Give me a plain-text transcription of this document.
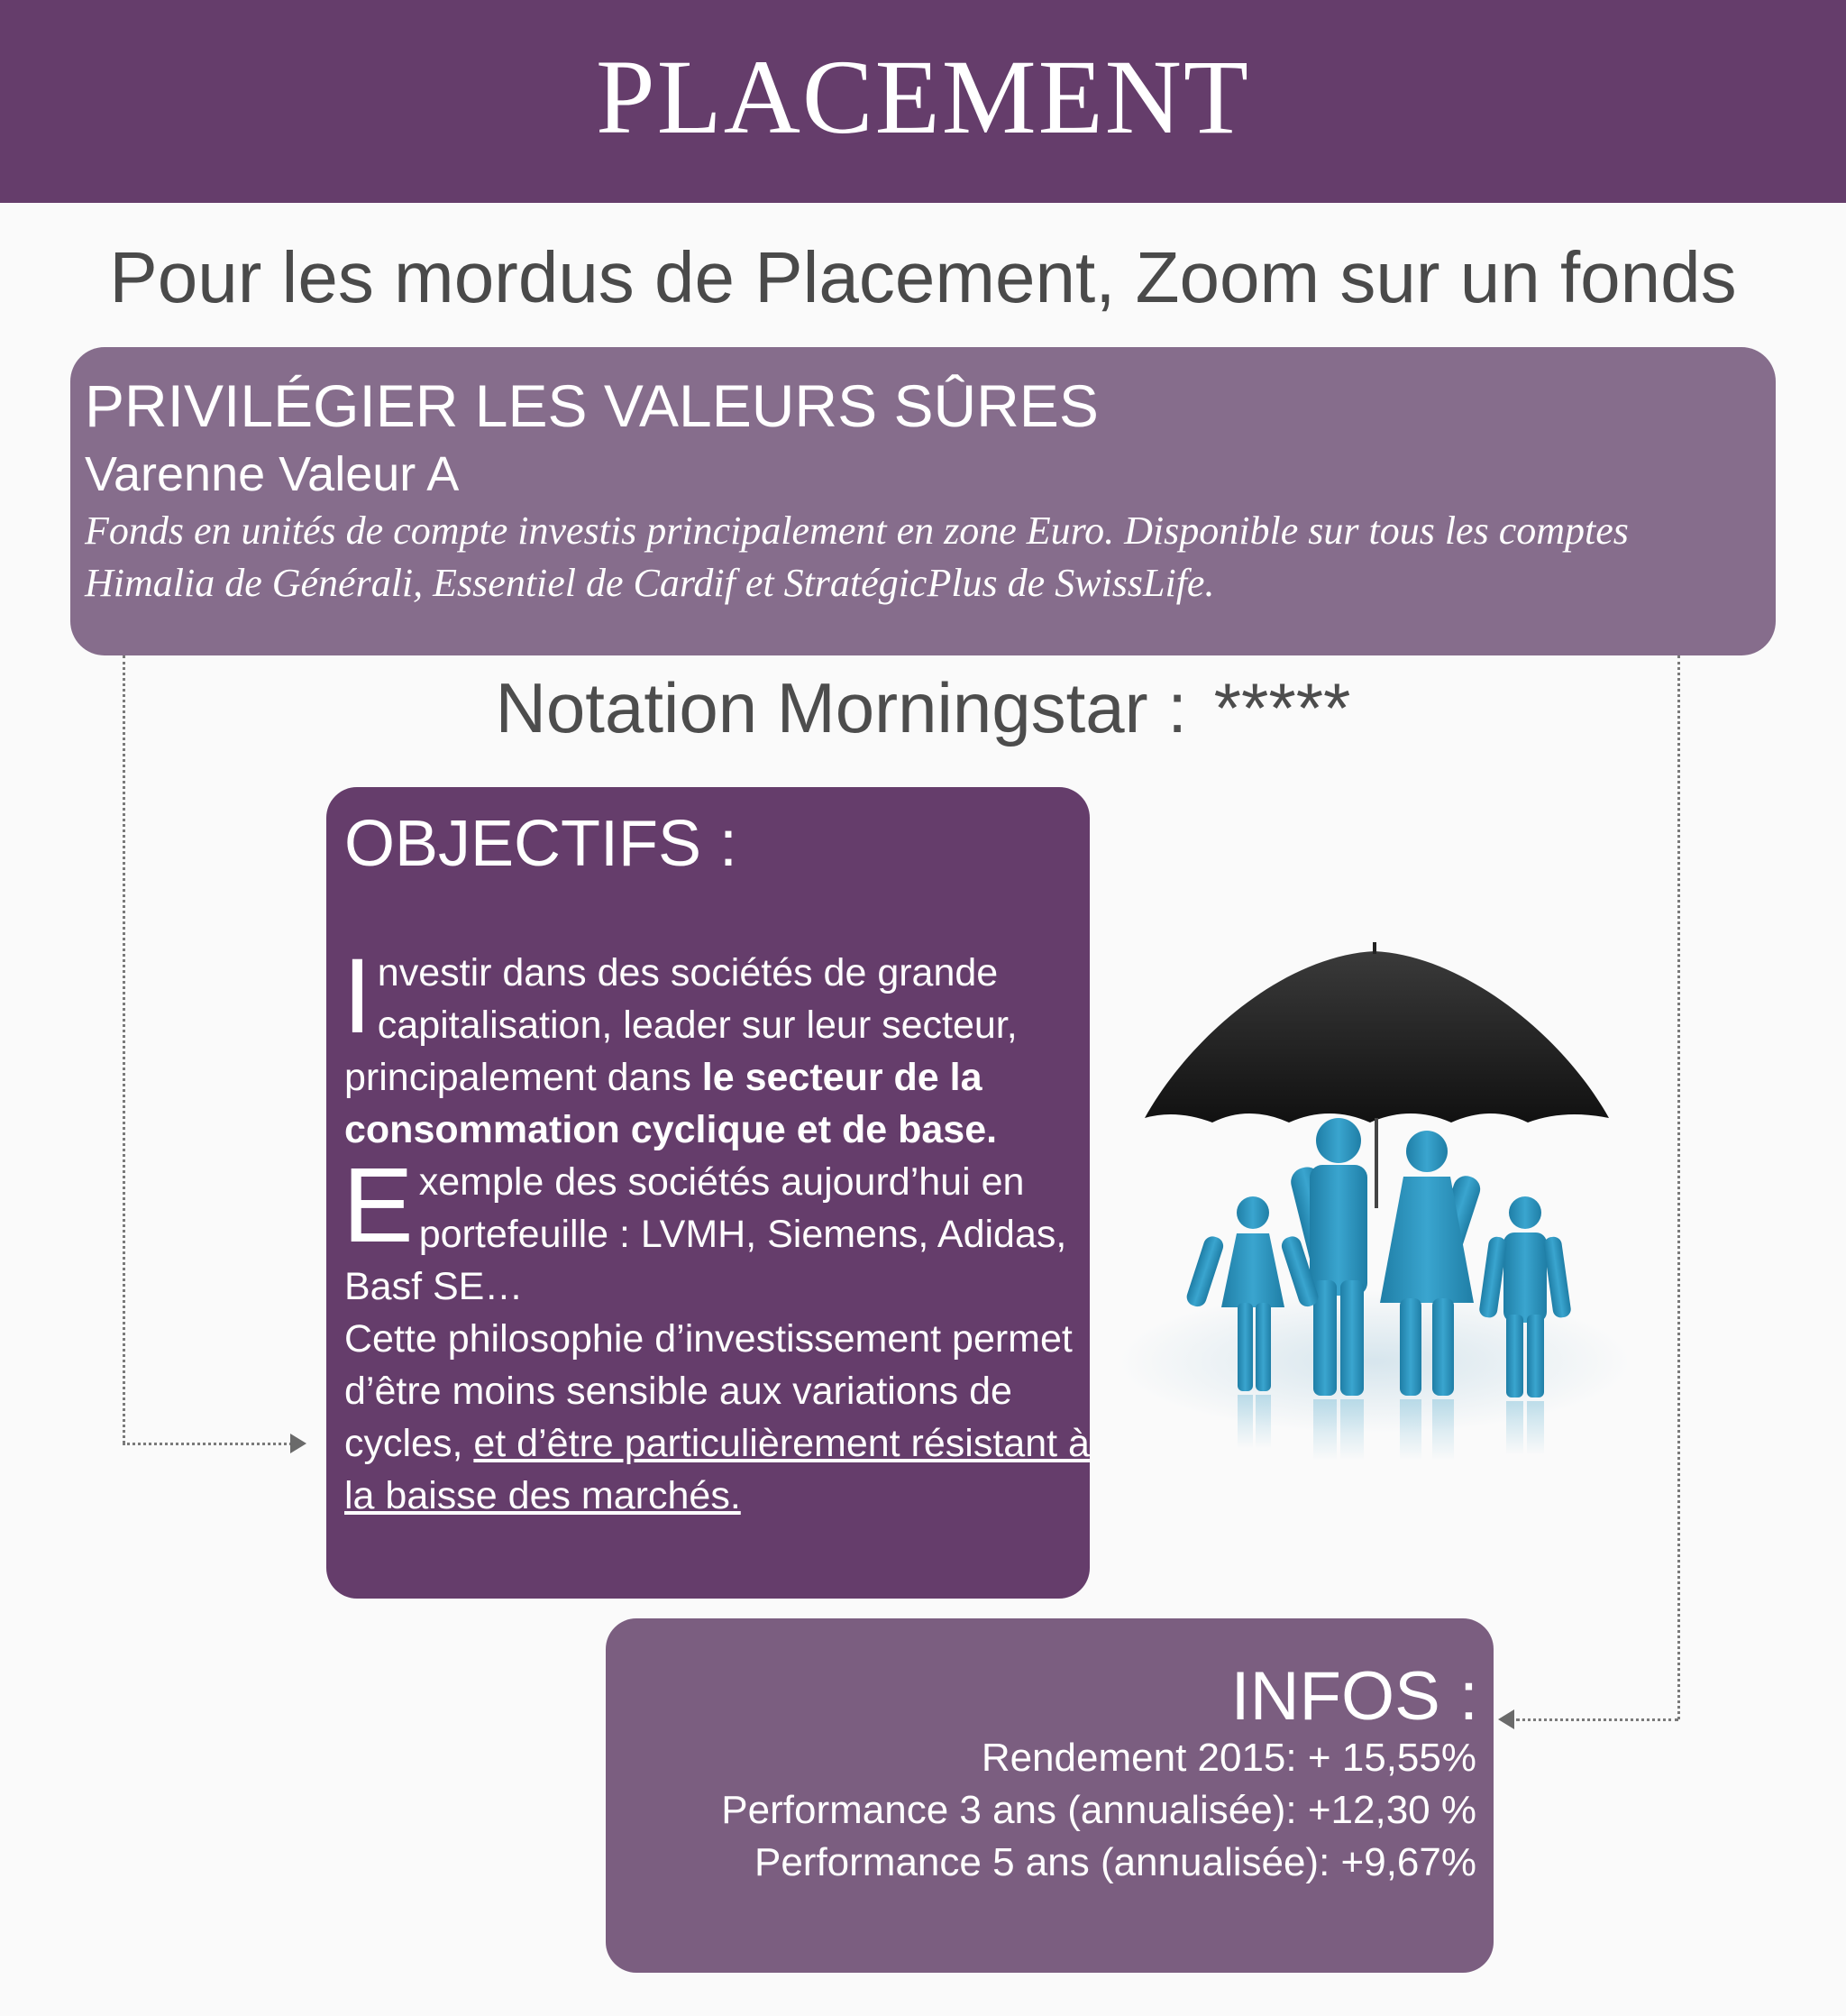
PLACEMENT
Pour les mordus de Placement, Zoom sur un fonds
PRIVILÉGIER LES VALEURS SÛRES
Varenne Valeur A
Fonds en unités de compte investis principalement en zone Euro. Disponible sur tous les comptes Himalia de Générali, Essentiel de Cardif et StratégicPlus de SwissLife.
Notation Morningstar : *****
OBJECTIFS :

Investir dans des sociétés de grande capitalisation, leader sur leur secteur, principalement dans le secteur de la consommation cyclique et de base.

Exemple des sociétés aujourd’hui en portefeuille : LVMH, Siemens, Adidas, Basf SE…

Cette philosophie d’investissement permet d’être moins sensible aux variations de cycles, et d’être particulièrement résistant à la baisse des marchés.

INFOS :
Rendement 2015: + 15,55%
Performance 3 ans (annualisée): +12,30 %
Performance 5 ans (annualisée): +9,67%
